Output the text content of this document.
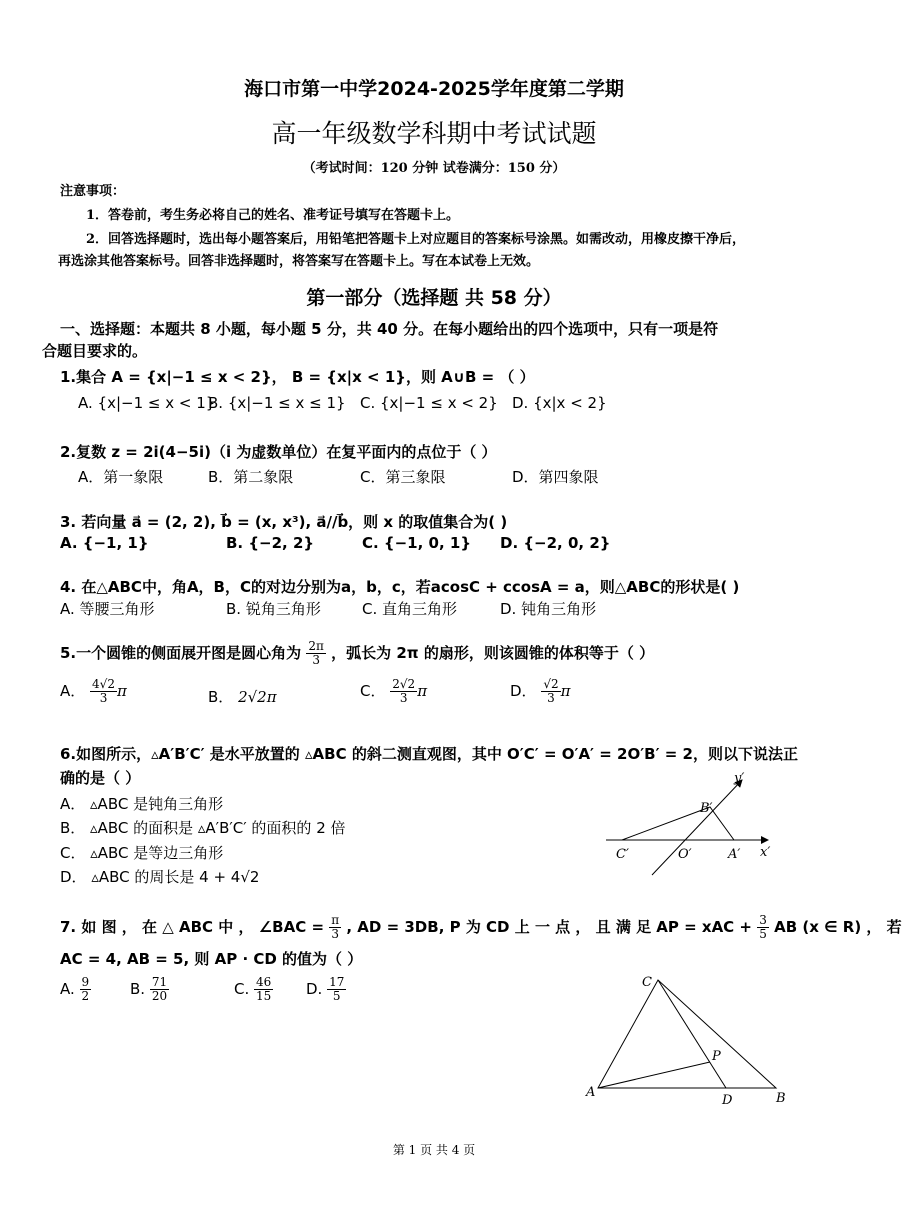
海口市第一中学2024-2025学年度第二学期
高一年级数学科期中考试试题
（考试时间：120 分钟 试卷满分：150 分）
注意事项：
1．答卷前，考生务必将自己的姓名、准考证号填写在答题卡上。
2．回答选择题时，选出每小题答案后，用铅笔把答题卡上对应题目的答案标号涂黑。如需改动，用橡皮擦干净后，
再选涂其他答案标号。回答非选择题时，将答案写在答题卡上。写在本试卷上无效。
第一部分（选择题 共 58 分）
一、选择题：本题共 8 小题，每小题 5 分，共 40 分。在每小题给出的四个选项中，只有一项是符
合题目要求的。
1.集合 A = {x|−1 ≤ x < 2}， B = {x|x < 1}，则 A∪B = （ ）
A. {x|−1 ≤ x < 1}
B. {x|−1 ≤ x ≤ 1} C. {x|−1 ≤ x < 2} D. {x|x < 2}
2.复数 z = 2i(4−5i)（i 为虚数单位）在复平面内的点位于（ ）
A．第一象限	B．第二象限	C．第三象限	D．第四象限
3. 若向量 a⃗ = (2, 2), b⃗ = (x, x³), a⃗//b⃗，则 x 的取值集合为( )
A. {−1, 1}	B. {−2, 2}	C. {−1, 0, 1} D. {−2, 0, 2}
4. 在△ABC中，角A，B，C的对边分别为a，b，c，若acosC + ccosA = a，则△ABC的形状是( )
A. 等腰三角形	B. 锐角三角形	C. 直角三角形	D. 钝角三角形
5.一个圆锥的侧面展开图是圆心角为 $\frac{2\pi}{3}$ ，弧长为 2π 的扇形，则该圆锥的体积等于（ ）
A． $\frac{4√2}{3}$ π	B． 2√2π	C． $\frac{2√2}{3}$ π	D． $\frac{√2}{3}$ π
6.如图所示，▵A′B′C′ 是水平放置的 ▵ABC 的斜二测直观图，其中 O′C′ = O′A′ = 2O′B′ = 2，则以下说法正
确的是（ ）
A． ▵ABC 是钝角三角形
B． ▵ABC 的面积是 ▵A′B′C′ 的面积的 2 倍
C． ▵ABC 是等边三角形
D． ▵ABC 的周长是 4 + 4√2
y′
x′
B′
C′	O′	A′
7. 如 图 ， 在 △ ABC 中 ， ∠BAC = $\frac{\pi}{3}$ , AD = 3DB, P 为 CD 上 一 点 ， 且 满 足 AP = xAC + $\frac{3}{5}$ AB (x ∈ R) ， 若
AC = 4, AB = 5, 则 AP · CD 的值为（ ）
A. $\frac{9}{2}$	B. $\frac{71}{20}$	C. $\frac{46}{15} D$. $\frac{17}{5}$	C
P
A
D	B
第 1 页 共 4 页
